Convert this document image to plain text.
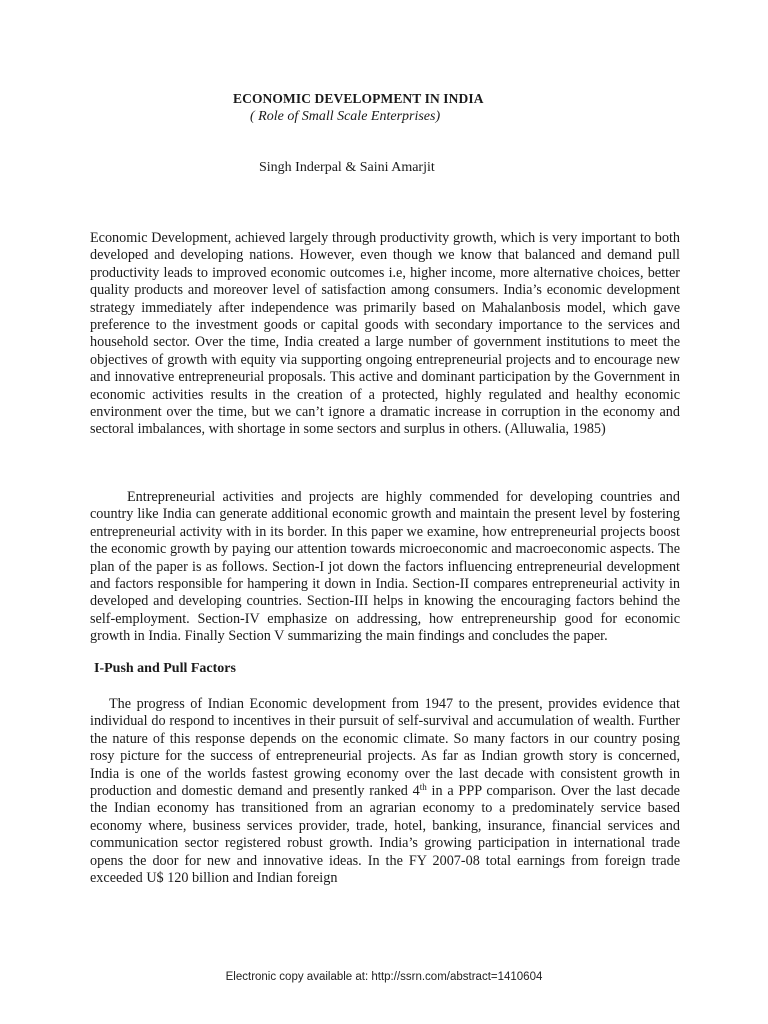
ECONOMIC DEVELOPMENT IN INDIA
( Role of Small Scale Enterprises)
Singh Inderpal & Saini Amarjit
Economic Development, achieved largely through productivity growth, which is very important to both developed and developing nations. However, even though we know that balanced and demand pull productivity leads to improved economic outcomes i.e, higher income, more alternative choices, better quality products and moreover level of satisfaction among consumers. India’s economic development strategy immediately after independence was primarily based on Mahalanbosis model, which gave preference to the investment goods or capital goods with secondary importance to the services and household sector. Over the time, India created a large number of government institutions to meet the objectives of growth with equity via supporting ongoing entrepreneurial projects and to encourage new and innovative entrepreneurial proposals. This active and dominant participation by the Government in economic activities results in the creation of a protected, highly regulated and healthy economic environment over the time, but we can’t ignore a dramatic increase in corruption in the economy and sectoral imbalances, with shortage in some sectors and surplus in others. (Alluwalia, 1985)
Entrepreneurial activities and projects are highly commended for developing countries and country like India can generate additional economic growth and maintain the present level by fostering entrepreneurial activity with in its border. In this paper we examine, how entrepreneurial projects boost the economic growth by paying our attention towards microeconomic and macroeconomic aspects. The plan of the paper is as follows. Section-I jot down the factors influencing entrepreneurial development and factors responsible for hampering it down in India. Section-II compares entrepreneurial activity in developed and developing countries. Section-III helps in knowing the encouraging factors behind the self-employment. Section-IV emphasize on addressing, how entrepreneurship good for economic growth in India. Finally Section V summarizing the main findings and concludes the paper.
I-Push and Pull Factors
The progress of Indian Economic development from 1947 to the present, provides evidence that individual do respond to incentives in their pursuit of self-survival and accumulation of wealth. Further the nature of this response depends on the economic climate. So many factors in our country posing rosy picture for the success of entrepreneurial projects. As far as Indian growth story is concerned, India is one of the worlds fastest growing economy over the last decade with consistent growth in production and domestic demand and presently ranked 4th in a PPP comparison. Over the last decade the Indian economy has transitioned from an agrarian economy to a predominately service based economy where, business services provider, trade, hotel, banking, insurance, financial services and communication sector registered robust growth. India’s growing participation in international trade opens the door for new and innovative ideas. In the FY 2007-08 total earnings from foreign trade exceeded U$ 120 billion and Indian foreign
Electronic copy available at: http://ssrn.com/abstract=1410604
